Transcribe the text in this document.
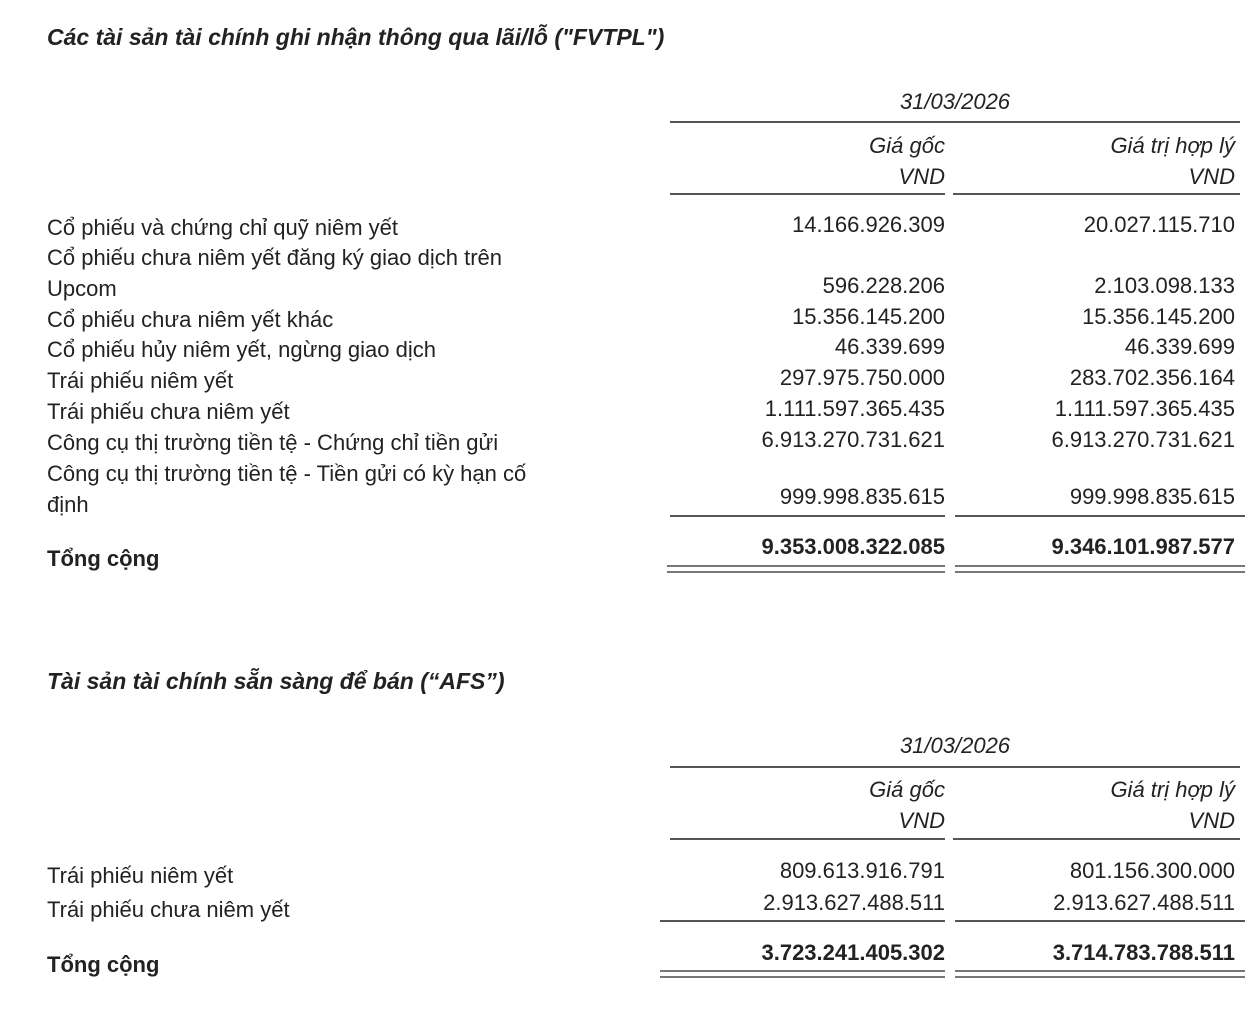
Các tài sản tài chính ghi nhận thông qua lãi/lỗ ("FVTPL")
31/03/2026
Giá gốc
VND
Giá trị hợp lý
VND
Cổ phiếu và chứng chỉ quỹ niêm yết	14.166.926.309	20.027.115.710
Cổ phiếu chưa niêm yết đăng ký giao dịch trên
Upcom	596.228.206	2.103.098.133
Cổ phiếu chưa niêm yết khác	15.356.145.200	15.356.145.200
Cổ phiếu hủy niêm yết, ngừng giao dịch	46.339.699	46.339.699
Trái phiếu niêm yết	297.975.750.000	283.702.356.164
Trái phiếu chưa niêm yết	1.111.597.365.435	1.111.597.365.435
Công cụ thị trường tiền tệ - Chứng chỉ tiền gửi	6.913.270.731.621	6.913.270.731.621
Công cụ thị trường tiền tệ - Tiền gửi có kỳ hạn cố
định	999.998.835.615	999.998.835.615
Tổng cộng	9.353.008.322.085	9.346.101.987.577
Tài sản tài chính sẵn sàng để bán (“AFS”)
31/03/2026
Giá gốc
VND
Giá trị hợp lý
VND
Trái phiếu niêm yết	809.613.916.791	801.156.300.000
Trái phiếu chưa niêm yết	2.913.627.488.511	2.913.627.488.511
Tổng cộng	3.723.241.405.302	3.714.783.788.511
